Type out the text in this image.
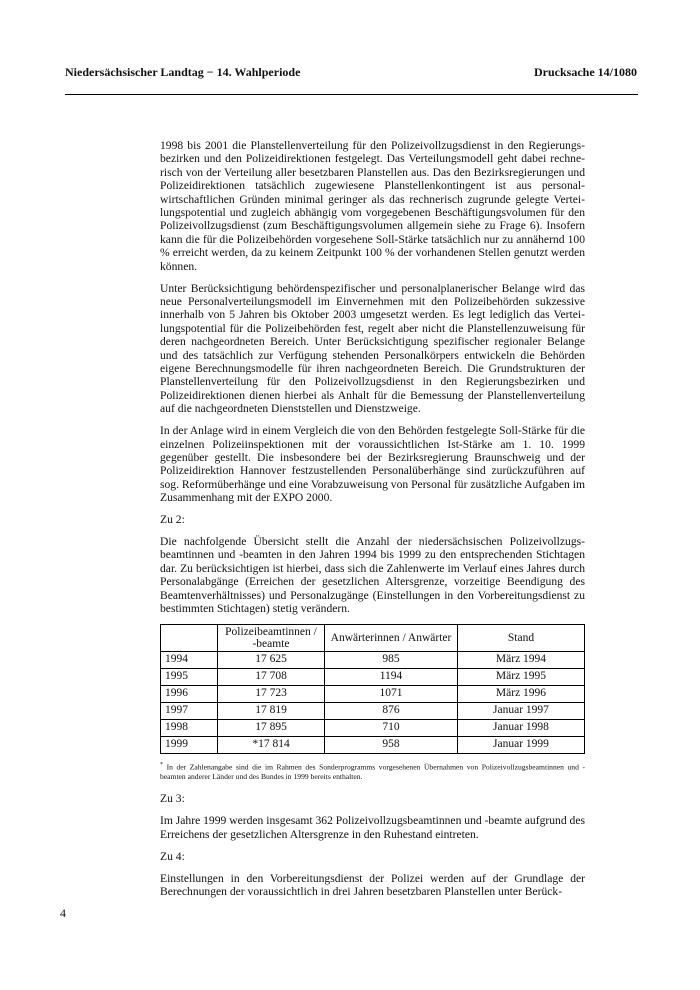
Niedersächsischer Landtag − 14. Wahlperiode	Drucksache 14/1080

1998 bis 2001 die Planstellenverteilung für den Polizeivollzugsdienst in den Regierungsbezirken und den Polizeidirektionen festgelegt. Das Verteilungsmodell geht dabei rechnerisch von der Verteilung aller besetzbaren Planstellen aus. Das den Bezirksregierungen und Polizeidirektionen tatsächlich zugewiesene Planstellenkontingent ist aus personalwirtschaftlichen Gründen minimal geringer als das rechnerisch zugrunde gelegte Verteilungspotential und zugleich abhängig vom vorgegebenen Beschäftigungsvolumen für den Polizeivollzugsdienst (zum Beschäftigungsvolumen allgemein siehe zu Frage 6). Insofern kann die für die Polizeibehörden vorgesehene Soll-Stärke tatsächlich nur zu annähernd 100 % erreicht werden, da zu keinem Zeitpunkt 100 % der vorhandenen Stellen genutzt werden können.

Unter Berücksichtigung behördenspezifischer und personalplanerischer Belange wird das neue Personalverteilungsmodell im Einvernehmen mit den Polizeibehörden sukzessive innerhalb von 5 Jahren bis Oktober 2003 umgesetzt werden. Es legt lediglich das Verteilungspotential für die Polizeibehörden fest, regelt aber nicht die Planstellenzuweisung für deren nachgeordneten Bereich. Unter Berücksichtigung spezifischer regionaler Belange und des tatsächlich zur Verfügung stehenden Personalkörpers entwickeln die Behörden eigene Berechnungsmodelle für ihren nachgeordneten Bereich. Die Grundstrukturen der Planstellenverteilung für den Polizeivollzugsdienst in den Regierungsbezirken und Polizeidirektionen dienen hierbei als Anhalt für die Bemessung der Planstellenverteilung auf die nachgeordneten Dienststellen und Dienstzweige.

In der Anlage wird in einem Vergleich die von den Behörden festgelegte Soll-Stärke für die einzelnen Polizeiinspektionen mit der voraussichtlichen Ist-Stärke am 1. 10. 1999 gegenüber gestellt. Die insbesondere bei der Bezirksregierung Braunschweig und der Polizeidirektion Hannover festzustellenden Personalüberhänge sind zurückzuführen auf sog. Reformüberhänge und eine Vorabzuweisung von Personal für zusätzliche Aufgaben im Zusammenhang mit der EXPO 2000.

Zu 2:

Die nachfolgende Übersicht stellt die Anzahl der niedersächsischen Polizeivollzugsbeamtinnen und -beamten in den Jahren 1994 bis 1999 zu den entsprechenden Stichtagen dar. Zu berücksichtigen ist hierbei, dass sich die Zahlenwerte im Verlauf eines Jahres durch Personalabgänge (Erreichen der gesetzlichen Altersgrenze, vorzeitige Beendigung des Beamtenverhältnisses) und Personalzugänge (Einstellungen in den Vorbereitungsdienst zu bestimmten Stichtagen) stetig verändern.

	Polizeibeamtinnen / -beamte	Anwärterinnen / Anwärter	Stand
1994	17 625	985	März 1994
1995	17 708	1194	März 1995
1996	17 723	1071	März 1996
1997	17 819	876	Januar 1997
1998	17 895	710	Januar 1998
1999	*17 814	958	Januar 1999
* In der Zahlenangabe sind die im Rahmen des Sonderprogramms vorgesehenen Übernahmen von Polizeivollzugsbeamtinnen und -beamten anderer Länder und des Bundes in 1999 bereits enthalten.

Zu 3:

Im Jahre 1999 werden insgesamt 362 Polizeivollzugsbeamtinnen und -beamte aufgrund des Erreichens der gesetzlichen Altersgrenze in den Ruhestand eintreten.

Zu 4:

Einstellungen in den Vorbereitungsdienst der Polizei werden auf der Grundlage der Berechnungen der voraussichtlich in drei Jahren besetzbaren Planstellen unter Berück-

4
